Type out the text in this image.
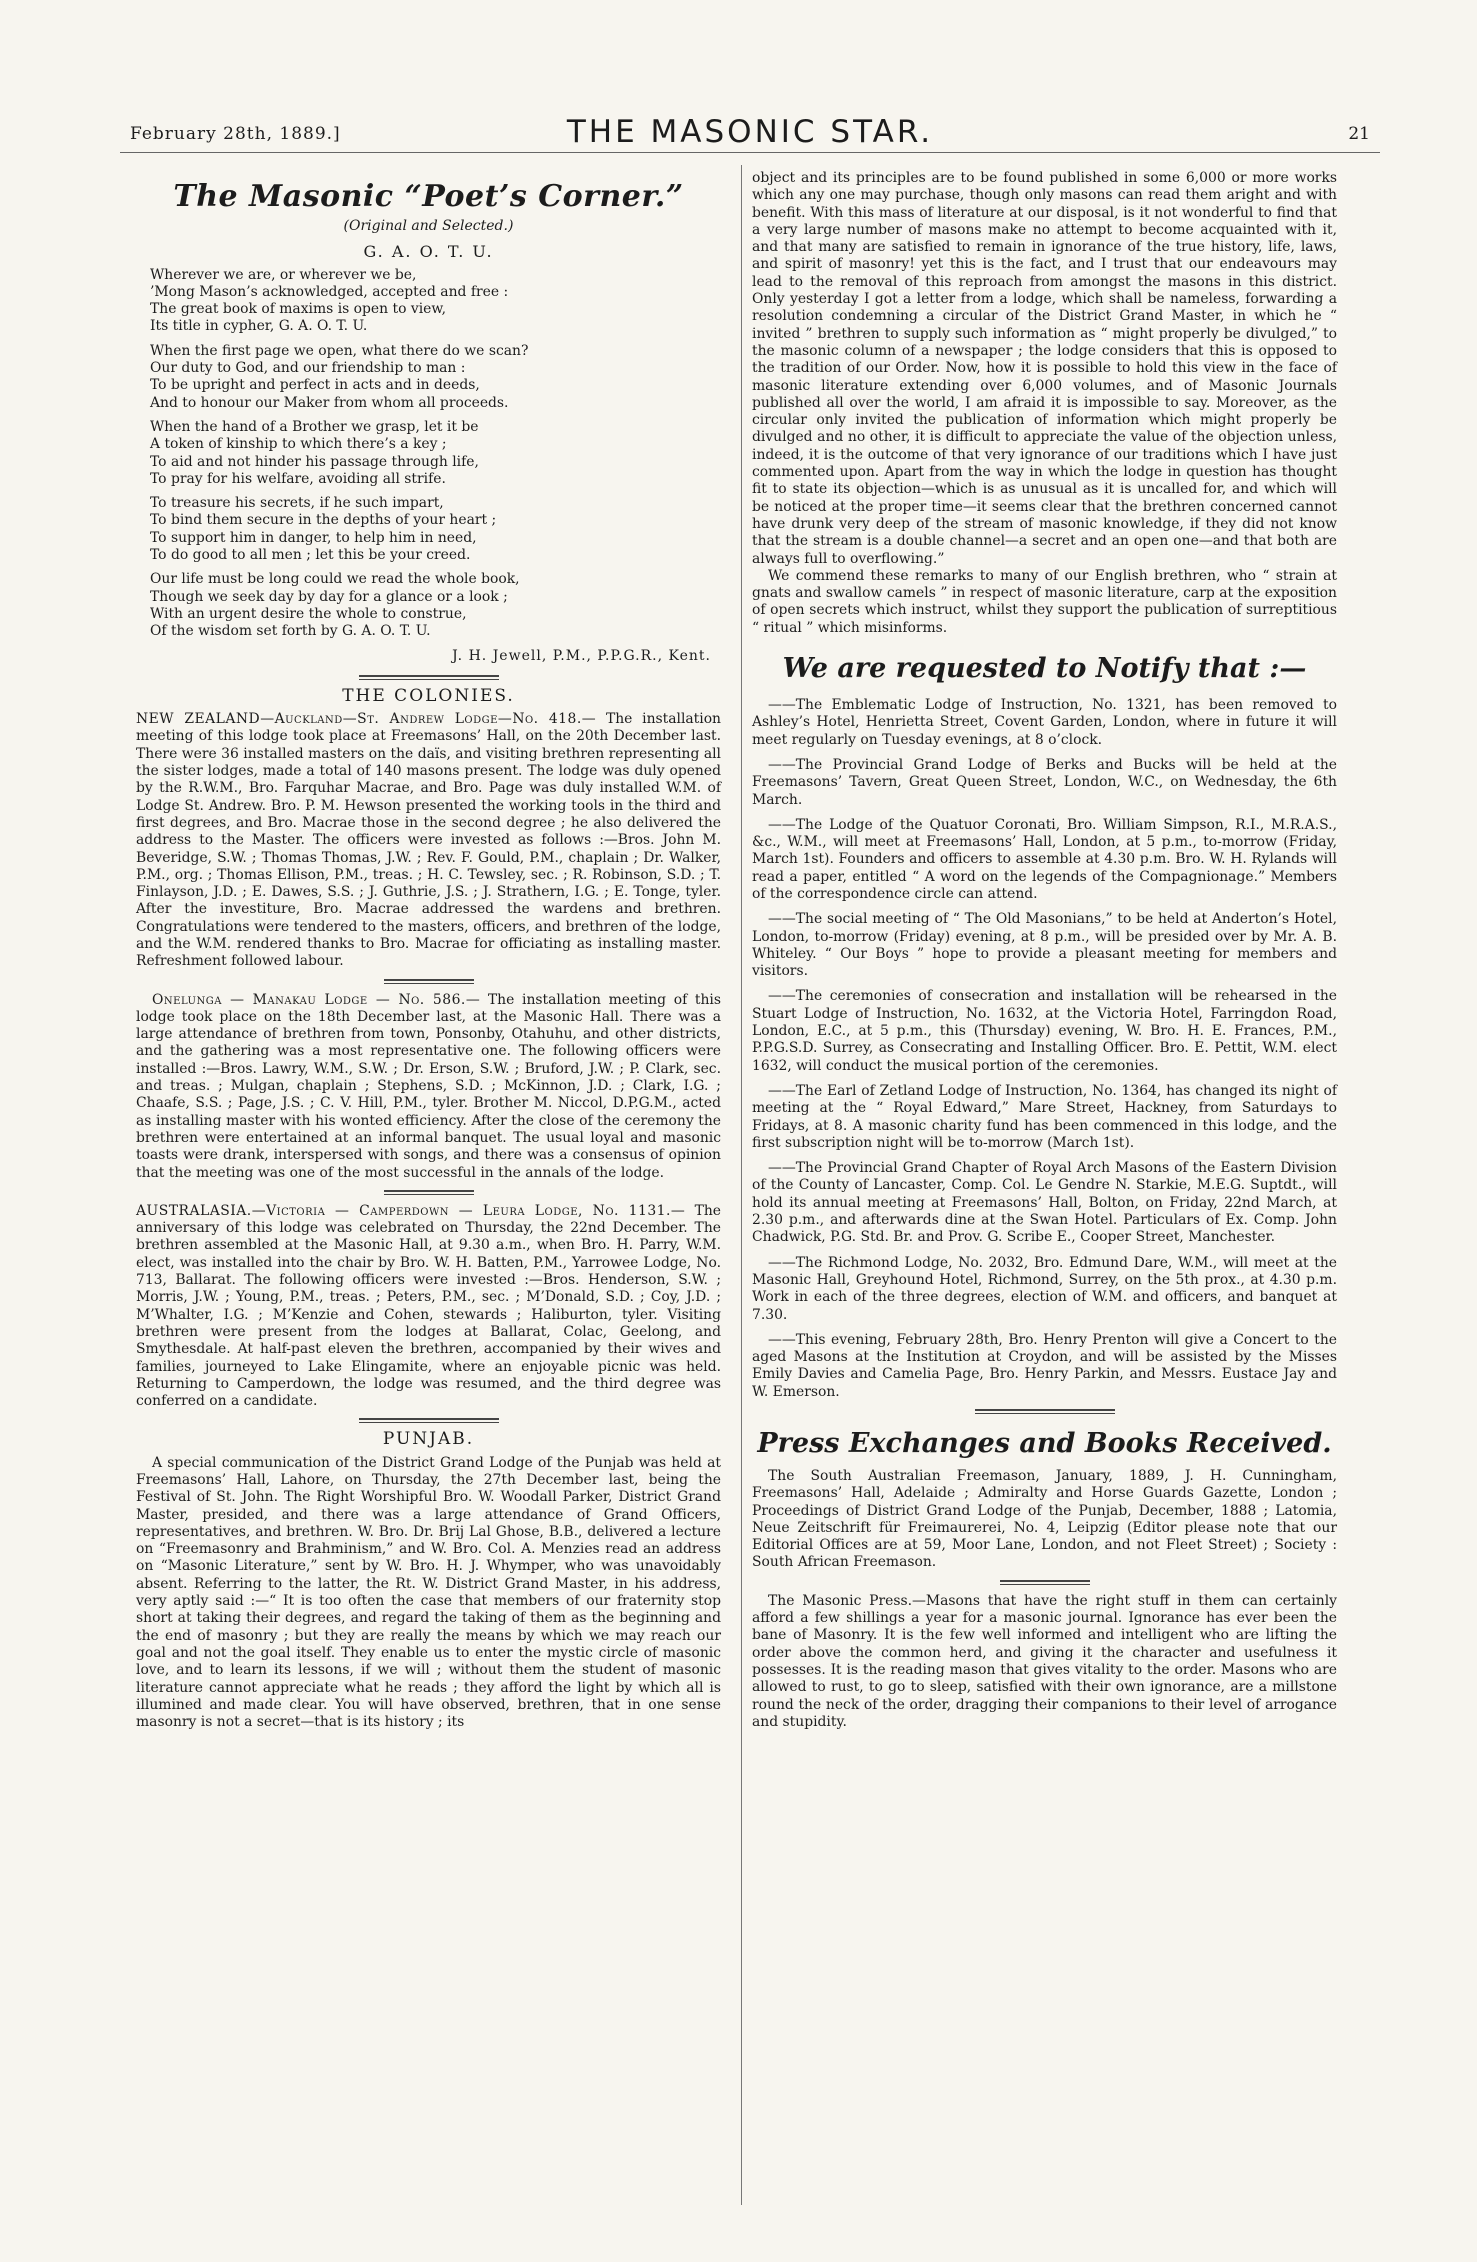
February 28th, 1889.]	THE MASONIC STAR.	21
The Masonic “Poet’s Corner.”
(Original and Selected.)
G. A. O. T. U.
Wherever we are, or wherever we be,
’Mong Mason’s acknowledged, accepted and free :
The great book of maxims is open to view,
Its title in cypher, G. A. O. T. U.
When the first page we open, what there do we scan?
Our duty to God, and our friendship to man :
To be upright and perfect in acts and in deeds,
And to honour our Maker from whom all proceeds.
When the hand of a Brother we grasp, let it be
A token of kinship to which there’s a key ;
To aid and not hinder his passage through life,
To pray for his welfare, avoiding all strife.
To treasure his secrets, if he such impart,
To bind them secure in the depths of your heart ;
To support him in danger, to help him in need,
To do good to all men ; let this be your creed.
Our life must be long could we read the whole book,
Though we seek day by day for a glance or a look ;
With an urgent desire the whole to construe,
Of the wisdom set forth by G. A. O. T. U.
J. H. Jewell, P.M., P.P.G.R., Kent.
THE COLONIES.

NEW ZEALAND—Auckland—St. Andrew Lodge—No. 418.— The installation meeting of this lodge took place at Freemasons’ Hall, on the 20th December last. There were 36 installed masters on the daïs, and visiting brethren representing all the sister lodges, made a total of 140 masons present. The lodge was duly opened by the R.W.M., Bro. Farquhar Macrae, and Bro. Page was duly installed W.M. of Lodge St. Andrew. Bro. P. M. Hewson presented the working tools in the third and first degrees, and Bro. Macrae those in the second degree ; he also delivered the address to the Master. The officers were invested as follows :—Bros. John M. Beveridge, S.W. ; Thomas Thomas, J.W. ; Rev. F. Gould, P.M., chaplain ; Dr. Walker, P.M., org. ; Thomas Ellison, P.M., treas. ; H. C. Tewsley, sec. ; R. Robinson, S.D. ; T. Finlayson, J.D. ; E. Dawes, S.S. ; J. Guthrie, J.S. ; J. Strathern, I.G. ; E. Tonge, tyler. After the investiture, Bro. Macrae addressed the wardens and brethren. Congratulations were tendered to the masters, officers, and brethren of the lodge, and the W.M. rendered thanks to Bro. Macrae for officiating as installing master. Refreshment followed labour.

Onelunga — Manakau Lodge — No. 586.— The installation meeting of this lodge took place on the 18th December last, at the Masonic Hall. There was a large attendance of brethren from town, Ponsonby, Otahuhu, and other districts, and the gathering was a most representative one. The following officers were installed :—Bros. Lawry, W.M., S.W. ; Dr. Erson, S.W. ; Bruford, J.W. ; P. Clark, sec. and treas. ; Mulgan, chaplain ; Stephens, S.D. ; McKinnon, J.D. ; Clark, I.G. ; Chaafe, S.S. ; Page, J.S. ; C. V. Hill, P.M., tyler. Brother M. Niccol, D.P.G.M., acted as installing master with his wonted efficiency. After the close of the ceremony the brethren were entertained at an informal banquet. The usual loyal and masonic toasts were drank, interspersed with songs, and there was a consensus of opinion that the meeting was one of the most successful in the annals of the lodge.

AUSTRALASIA.—Victoria — Camperdown — Leura Lodge, No. 1131.— The anniversary of this lodge was celebrated on Thursday, the 22nd December. The brethren assembled at the Masonic Hall, at 9.30 a.m., when Bro. H. Parry, W.M. elect, was installed into the chair by Bro. W. H. Batten, P.M., Yarrowee Lodge, No. 713, Ballarat. The following officers were invested :—Bros. Henderson, S.W. ; Morris, J.W. ; Young, P.M., treas. ; Peters, P.M., sec. ; M’Donald, S.D. ; Coy, J.D. ; M’Whalter, I.G. ; M’Kenzie and Cohen, stewards ; Haliburton, tyler. Visiting brethren were present from the lodges at Ballarat, Colac, Geelong, and Smythesdale. At half-past eleven the brethren, accompanied by their wives and families, journeyed to Lake Elingamite, where an enjoyable picnic was held. Returning to Camperdown, the lodge was resumed, and the third degree was conferred on a candidate.

PUNJAB.

A special communication of the District Grand Lodge of the Punjab was held at Freemasons’ Hall, Lahore, on Thursday, the 27th December last, being the Festival of St. John. The Right Worshipful Bro. W. Woodall Parker, District Grand Master, presided, and there was a large attendance of Grand Officers, representatives, and brethren. W. Bro. Dr. Brij Lal Ghose, B.B., delivered a lecture on “Freemasonry and Brahminism,” and W. Bro. Col. A. Menzies read an address on “Masonic Literature,” sent by W. Bro. H. J. Whymper, who was unavoidably absent. Referring to the latter, the Rt. W. District Grand Master, in his address, very aptly said :—“ It is too often the case that members of our fraternity stop short at taking their degrees, and regard the taking of them as the beginning and the end of masonry ; but they are really the means by which we may reach our goal and not the goal itself. They enable us to enter the mystic circle of masonic love, and to learn its lessons, if we will ; without them the student of masonic literature cannot appreciate what he reads ; they afford the light by which all is illumined and made clear. You will have observed, brethren, that in one sense masonry is not a secret—that is its history ; its

object and its principles are to be found published in some 6,000 or more works which any one may purchase, though only masons can read them aright and with benefit. With this mass of literature at our disposal, is it not wonderful to find that a very large number of masons make no attempt to become acquainted with it, and that many are satisfied to remain in ignorance of the true history, life, laws, and spirit of masonry! yet this is the fact, and I trust that our endeavours may lead to the removal of this reproach from amongst the masons in this district. Only yesterday I got a letter from a lodge, which shall be nameless, forwarding a resolution condemning a circular of the District Grand Master, in which he “ invited ” brethren to supply such information as “ might properly be divulged,” to the masonic column of a newspaper ; the lodge considers that this is opposed to the tradition of our Order. Now, how it is possible to hold this view in the face of masonic literature extending over 6,000 volumes, and of Masonic Journals published all over the world, I am afraid it is impossible to say. Moreover, as the circular only invited the publication of information which might properly be divulged and no other, it is difficult to appreciate the value of the objection unless, indeed, it is the outcome of that very ignorance of our traditions which I have just commented upon. Apart from the way in which the lodge in question has thought fit to state its objection—which is as unusual as it is uncalled for, and which will be noticed at the proper time—it seems clear that the brethren concerned cannot have drunk very deep of the stream of masonic knowledge, if they did not know that the stream is a double channel—a secret and an open one—and that both are always full to overflowing.”

We commend these remarks to many of our English brethren, who “ strain at gnats and swallow camels ” in respect of masonic literature, carp at the exposition of open secrets which instruct, whilst they support the publication of surreptitious “ ritual ” which misinforms.

We are requested to Notify that :—

——The Emblematic Lodge of Instruction, No. 1321, has been removed to Ashley’s Hotel, Henrietta Street, Covent Garden, London, where in future it will meet regularly on Tuesday evenings, at 8 o’clock.

——The Provincial Grand Lodge of Berks and Bucks will be held at the Freemasons’ Tavern, Great Queen Street, London, W.C., on Wednesday, the 6th March.

——The Lodge of the Quatuor Coronati, Bro. William Simpson, R.I., M.R.A.S., &c., W.M., will meet at Freemasons’ Hall, London, at 5 p.m., to-morrow (Friday, March 1st). Founders and officers to assemble at 4.30 p.m. Bro. W. H. Rylands will read a paper, entitled “ A word on the legends of the Compagnionage.” Members of the correspondence circle can attend.

——The social meeting of “ The Old Masonians,” to be held at Anderton’s Hotel, London, to-morrow (Friday) evening, at 8 p.m., will be presided over by Mr. A. B. Whiteley. “ Our Boys ” hope to provide a pleasant meeting for members and visitors.

——The ceremonies of consecration and installation will be rehearsed in the Stuart Lodge of Instruction, No. 1632, at the Victoria Hotel, Farringdon Road, London, E.C., at 5 p.m., this (Thursday) evening, W. Bro. H. E. Frances, P.M., P.P.G.S.D. Surrey, as Consecrating and Installing Officer. Bro. E. Pettit, W.M. elect 1632, will conduct the musical portion of the ceremonies.

——The Earl of Zetland Lodge of Instruction, No. 1364, has changed its night of meeting at the “ Royal Edward,” Mare Street, Hackney, from Saturdays to Fridays, at 8. A masonic charity fund has been commenced in this lodge, and the first subscription night will be to-morrow (March 1st).

——The Provincial Grand Chapter of Royal Arch Masons of the Eastern Division of the County of Lancaster, Comp. Col. Le Gendre N. Starkie, M.E.G. Suptdt., will hold its annual meeting at Freemasons’ Hall, Bolton, on Friday, 22nd March, at 2.30 p.m., and afterwards dine at the Swan Hotel. Particulars of Ex. Comp. John Chadwick, P.G. Std. Br. and Prov. G. Scribe E., Cooper Street, Manchester.

——The Richmond Lodge, No. 2032, Bro. Edmund Dare, W.M., will meet at the Masonic Hall, Greyhound Hotel, Richmond, Surrey, on the 5th prox., at 4.30 p.m. Work in each of the three degrees, election of W.M. and officers, and banquet at 7.30.

——This evening, February 28th, Bro. Henry Prenton will give a Concert to the aged Masons at the Institution at Croydon, and will be assisted by the Misses Emily Davies and Camelia Page, Bro. Henry Parkin, and Messrs. Eustace Jay and W. Emerson.

Press Exchanges and Books Received.

The South Australian Freemason, January, 1889, J. H. Cunningham, Freemasons’ Hall, Adelaide ; Admiralty and Horse Guards Gazette, London ; Proceedings of District Grand Lodge of the Punjab, December, 1888 ; Latomia, Neue Zeitschrift für Freimaurerei, No. 4, Leipzig (Editor please note that our Editorial Offices are at 59, Moor Lane, London, and not Fleet Street) ; Society : South African Freemason.

The Masonic Press.—Masons that have the right stuff in them can certainly afford a few shillings a year for a masonic journal. Ignorance has ever been the bane of Masonry. It is the few well informed and intelligent who are lifting the order above the common herd, and giving it the character and usefulness it possesses. It is the reading mason that gives vitality to the order. Masons who are allowed to rust, to go to sleep, satisfied with their own ignorance, are a millstone round the neck of the order, dragging their companions to their level of arrogance and stupidity.
